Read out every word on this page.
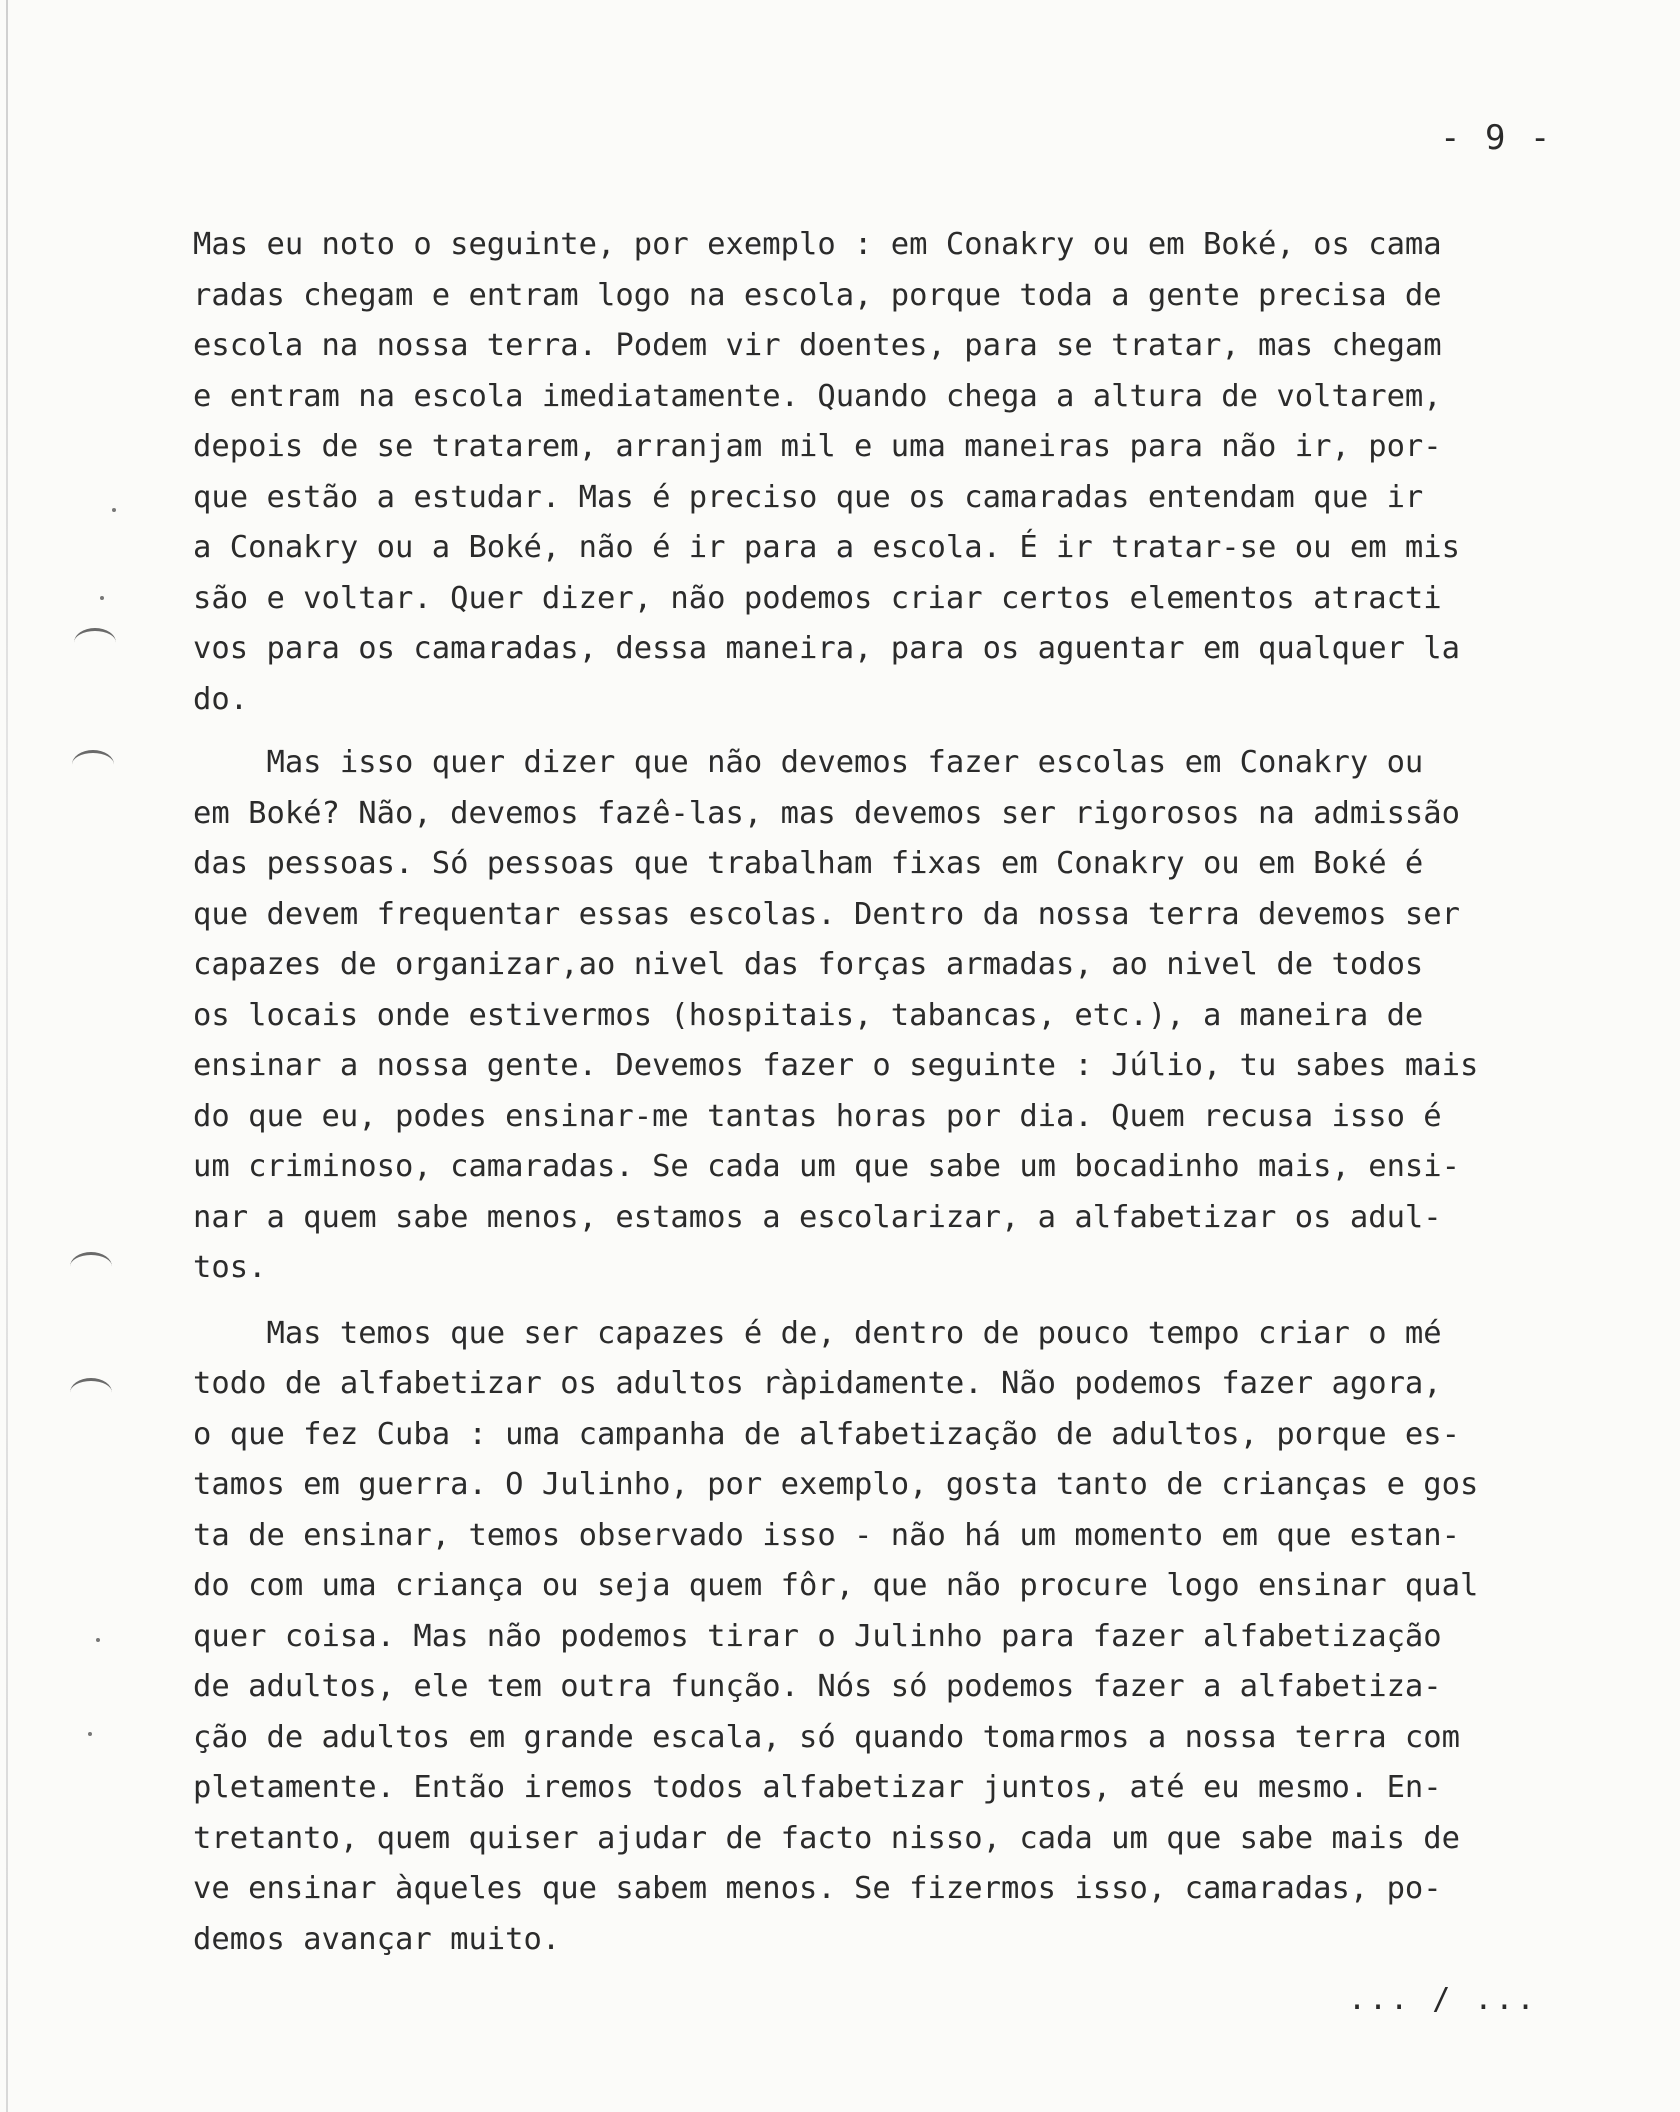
- 9 -
Mas eu noto o seguinte, por exemplo : em Conakry ou em Boké, os cama
radas chegam e entram logo na escola, porque toda a gente precisa de
escola na nossa terra. Podem vir doentes, para se tratar, mas chegam
e entram na escola imediatamente. Quando chega a altura de voltarem,
depois de se tratarem, arranjam mil e uma maneiras para não ir, por-
que estão a estudar. Mas é preciso que os camaradas entendam que ir
a Conakry ou a Boké, não é ir para a escola. É ir tratar-se ou em mis
são e voltar. Quer dizer, não podemos criar certos elementos atracti
vos para os camaradas, dessa maneira, para os aguentar em qualquer la
do.
Mas isso quer dizer que não devemos fazer escolas em Conakry ou
em Boké? Não, devemos fazê-las, mas devemos ser rigorosos na admissão
das pessoas. Só pessoas que trabalham fixas em Conakry ou em Boké é
que devem frequentar essas escolas. Dentro da nossa terra devemos ser
capazes de organizar,ao nivel das forças armadas, ao nivel de todos
os locais onde estivermos (hospitais, tabancas, etc.), a maneira de
ensinar a nossa gente. Devemos fazer o seguinte : Júlio, tu sabes mais
do que eu, podes ensinar-me tantas horas por dia. Quem recusa isso é
um criminoso, camaradas. Se cada um que sabe um bocadinho mais, ensi-
nar a quem sabe menos, estamos a escolarizar, a alfabetizar os adul-
tos.
Mas temos que ser capazes é de, dentro de pouco tempo criar o mé
todo de alfabetizar os adultos ràpidamente. Não podemos fazer agora,
o que fez Cuba : uma campanha de alfabetização de adultos, porque es-
tamos em guerra. O Julinho, por exemplo, gosta tanto de crianças e gos
ta de ensinar, temos observado isso - não há um momento em que estan-
do com uma criança ou seja quem fôr, que não procure logo ensinar qual
quer coisa. Mas não podemos tirar o Julinho para fazer alfabetização
de adultos, ele tem outra função. Nós só podemos fazer a alfabetiza-
ção de adultos em grande escala, só quando tomarmos a nossa terra com
pletamente. Então iremos todos alfabetizar juntos, até eu mesmo. En-
tretanto, quem quiser ajudar de facto nisso, cada um que sabe mais de
ve ensinar àqueles que sabem menos. Se fizermos isso, camaradas, po-
demos avançar muito.
... / ...
